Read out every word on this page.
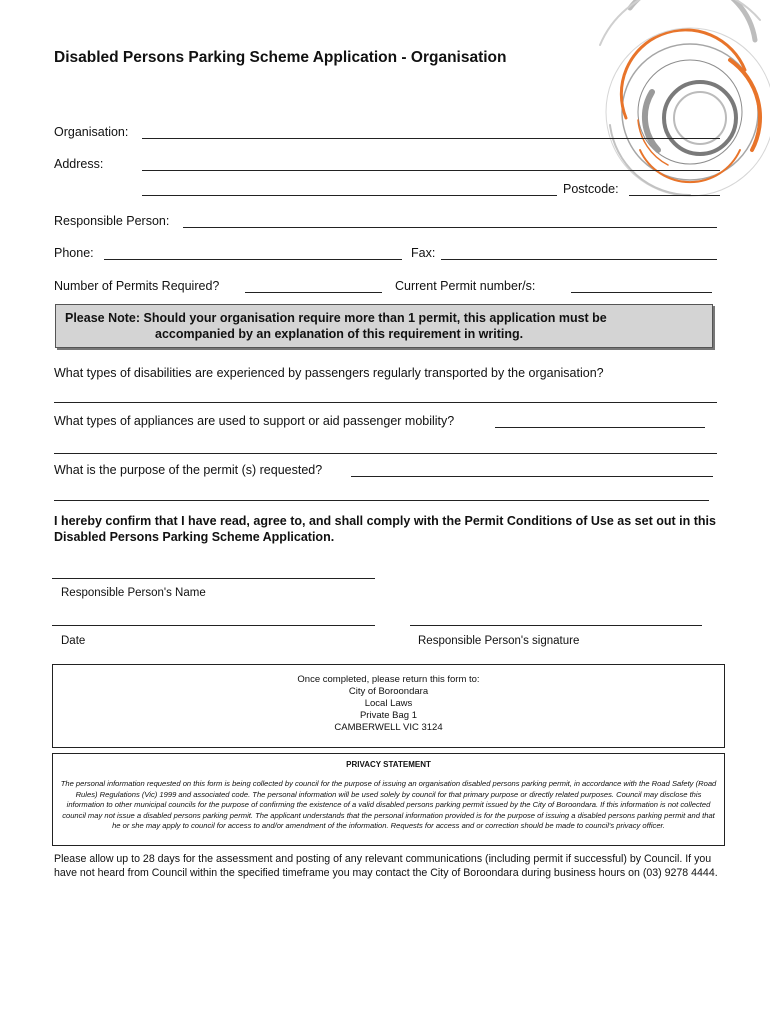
Disabled Persons Parking Scheme Application - Organisation
Organisation:
Address:
Postcode:
Responsible Person:
Phone:	Fax:
Number of Permits Required?	Current Permit number/s:
Please Note: Should your organisation require more than 1 permit, this application must be
accompanied by an explanation of this requirement in writing.
What types of disabilities are experienced by passengers regularly transported by the organisation?
What types of appliances are used to support or aid passenger mobility?
What is the purpose of the permit (s) requested?
I hereby confirm that I have read, agree to, and shall comply with the Permit Conditions of Use as set out in this Disabled Persons Parking Scheme Application.
Responsible Person's Name
Date	Responsible Person's signature
Once completed, please return this form to:
City of Boroondara
Local Laws
Private Bag 1
CAMBERWELL VIC 3124
PRIVACY STATEMENT
The personal information requested on this form is being collected by council for the purpose of issuing an organisation disabled persons parking permit, in accordance with the Road Safety (Road Rules) Regulations (Vic) 1999 and associated code. The personal information will be used solely by council for that primary purpose or directly related purposes. Council may disclose this information to other municipal councils for the purpose of confirming the existence of a valid disabled persons parking permit issued by the City of Boroondara. If this information is not collected council may not issue a disabled persons parking permit. The applicant understands that the personal information provided is for the purpose of issuing a disabled persons parking permit and that he or she may apply to council for access to and/or amendment of the information. Requests for access and or correction should be made to council's privacy officer.
Please allow up to 28 days for the assessment and posting of any relevant communications (including permit if successful) by Council. If you have not heard from Council within the specified timeframe you may contact the City of Boroondara during business hours on (03) 9278 4444.
